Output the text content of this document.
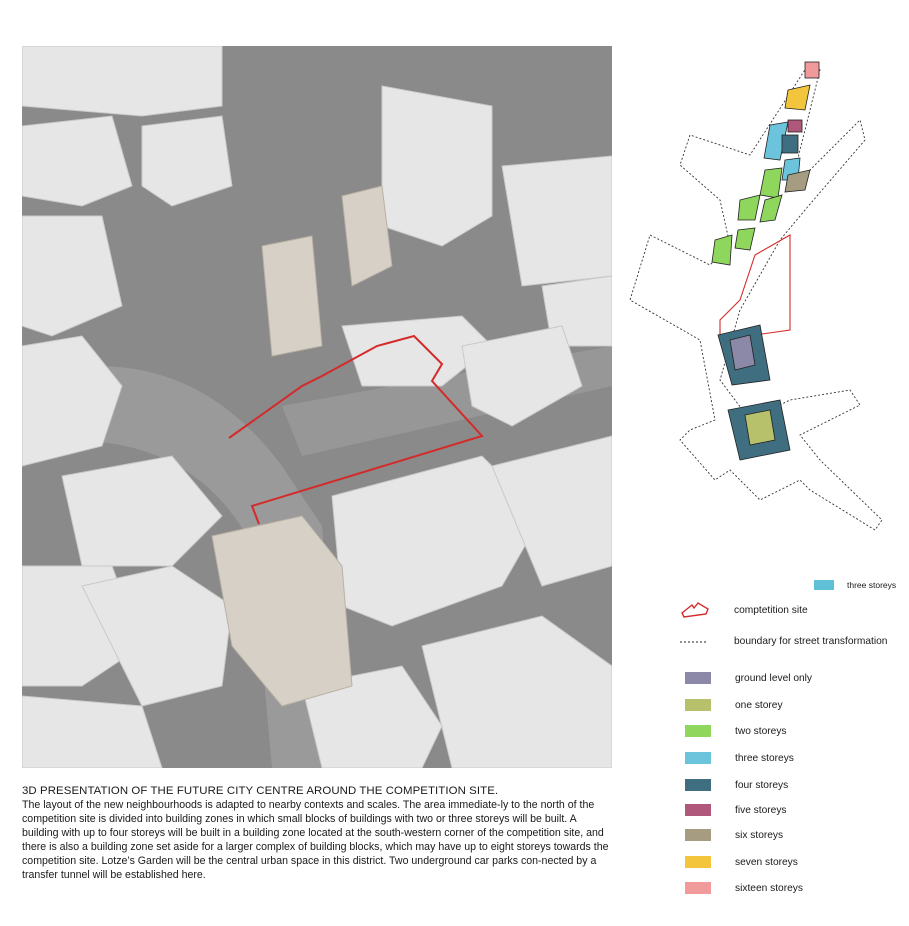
3D PRESENTATION OF THE FUTURE CITY CENTRE AROUND THE COMPETITION SITE.

The layout of the new neighbourhoods is adapted to nearby contexts and scales. The area immediate-ly to the north of the competition site is divided into building zones in which small blocks of buildings with two or three storeys will be built. A building with up to four storeys will be built in a building zone located at the south-western corner of the competition site, and there is also a building zone set aside for a larger complex of building blocks, which may have up to eight storeys towards the competition site. Lotze’s Garden will be the central urban space in this district. Two underground car parks con-nected by a transfer tunnel will be established here.

three storeys
comptetition site
boundary for street transformation
ground level only
one storey
two storeys
three storeys
four storeys
five storeys
six storeys
seven storeys
sixteen storeys
